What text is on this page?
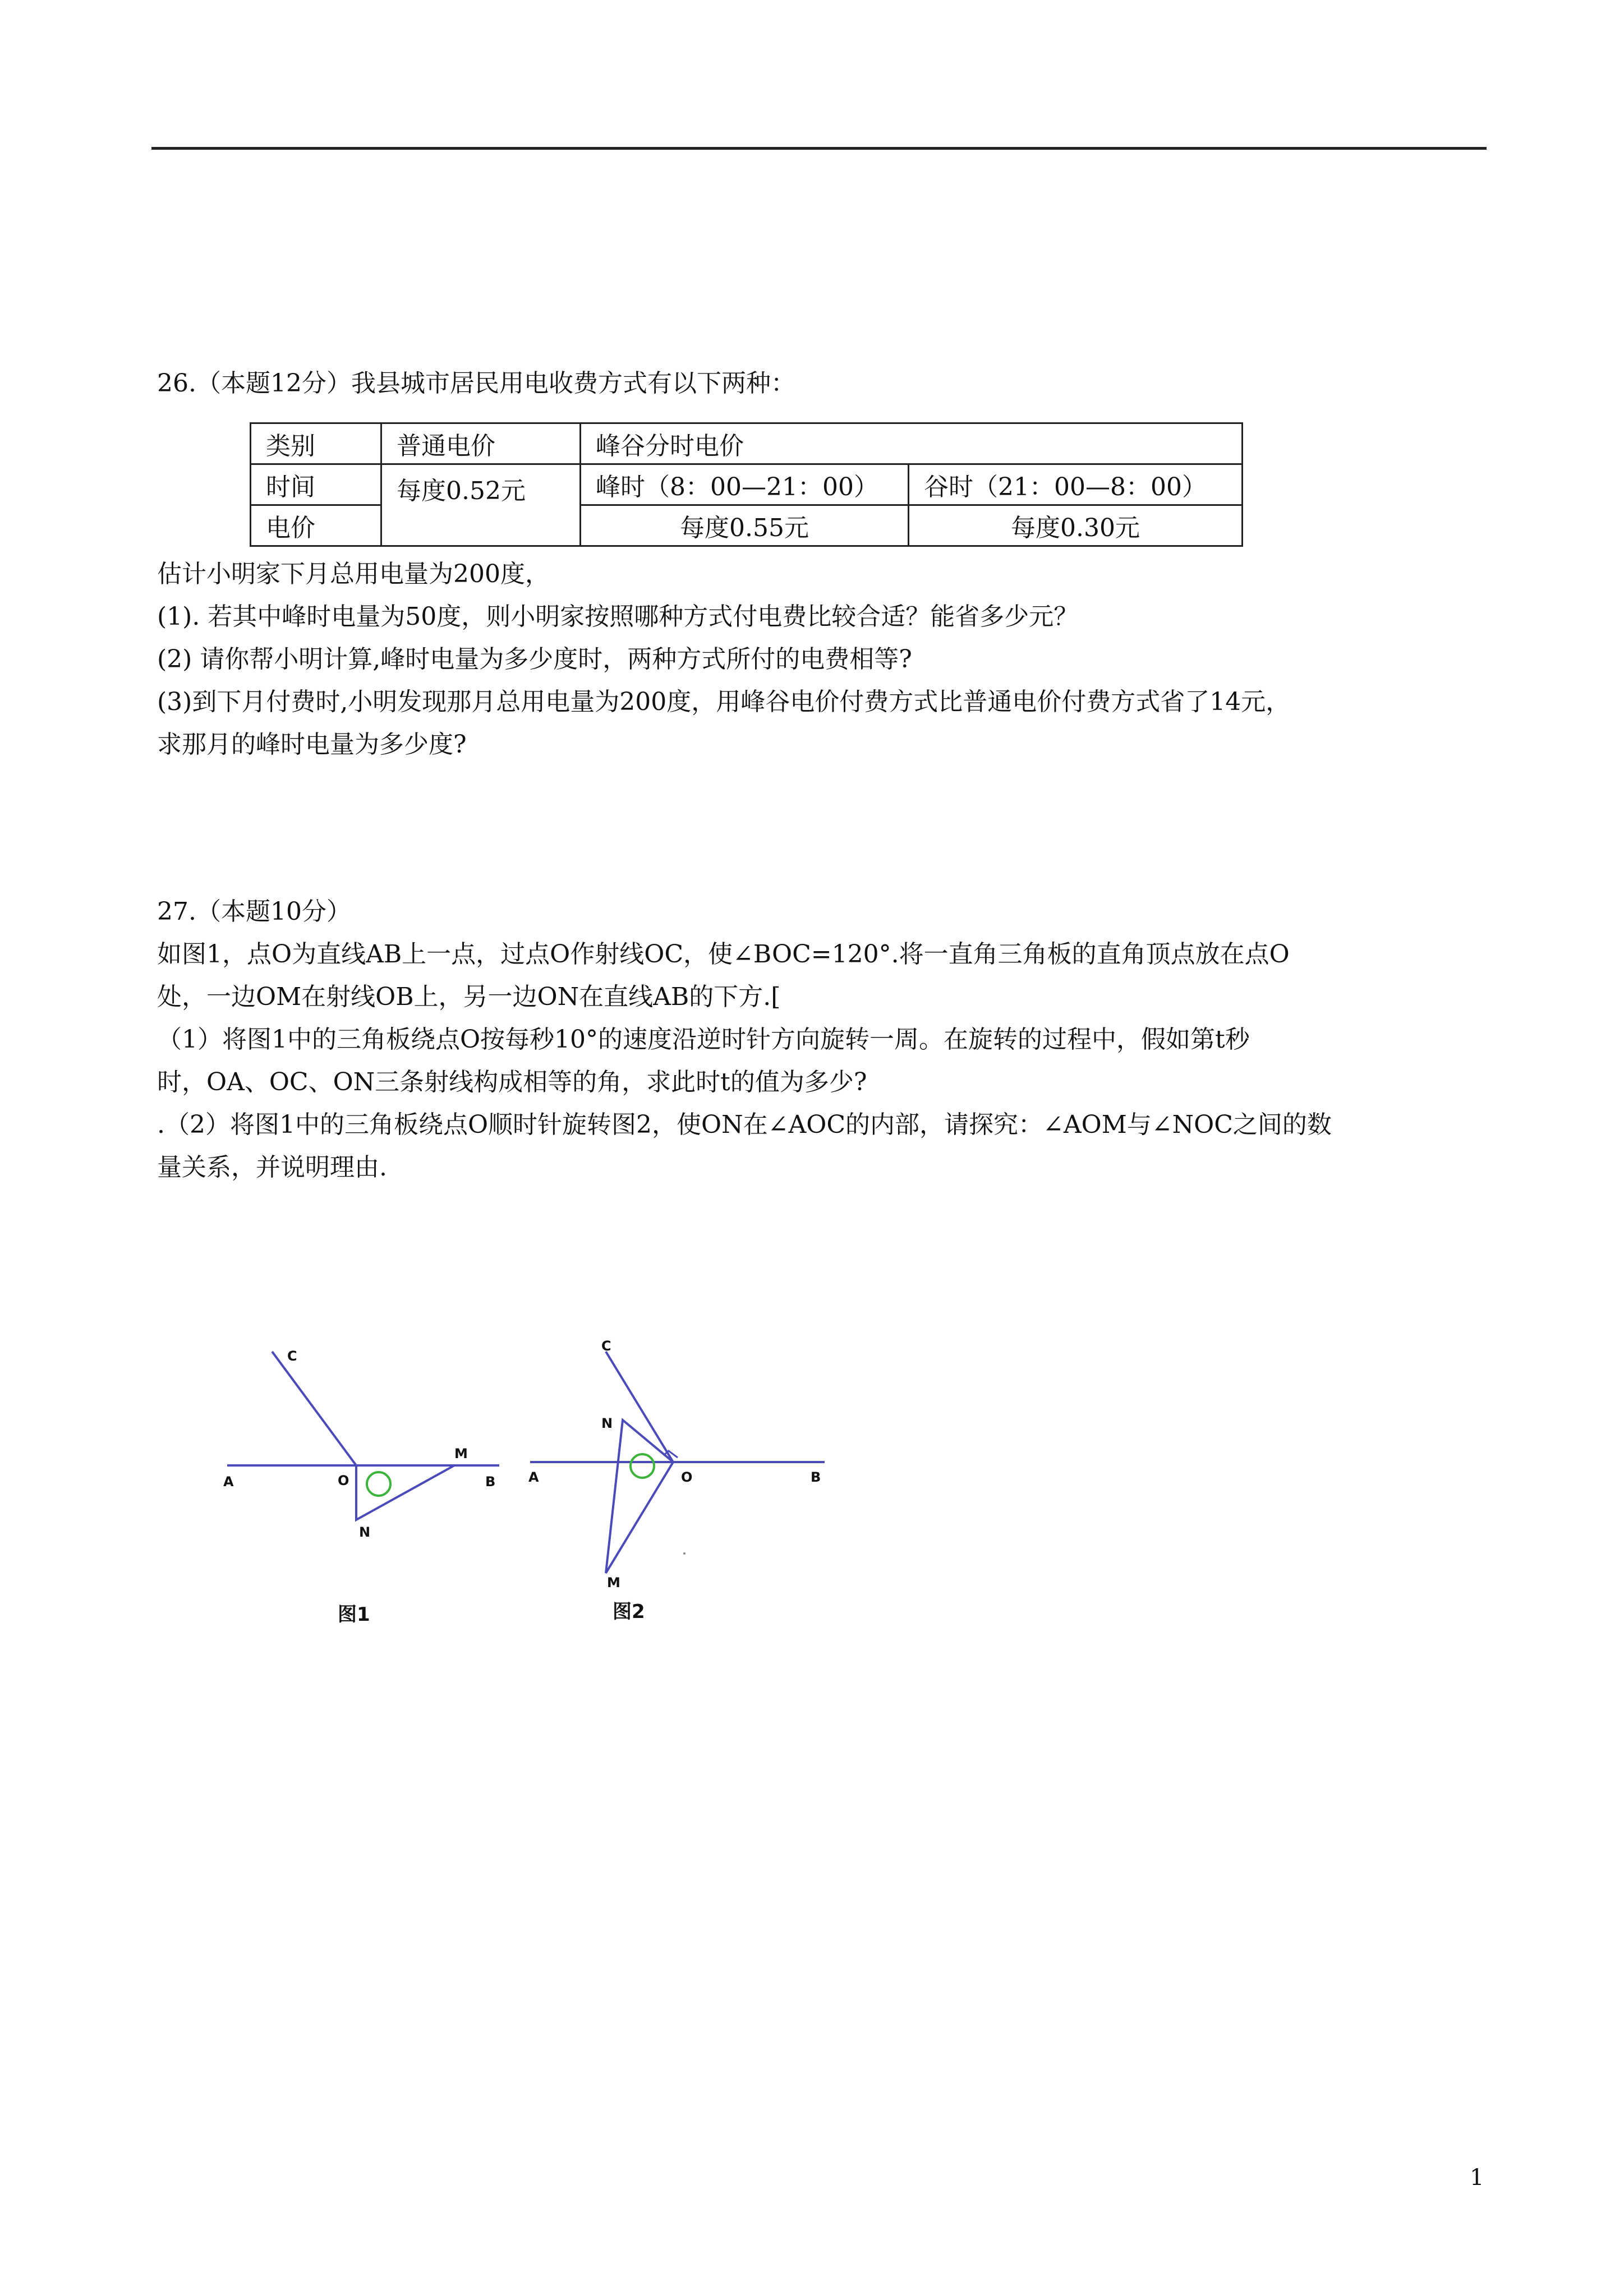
26.（本题12分）我县城市居民用电收费方式有以下两种：

类别	普通电价	峰谷分时电价	
时间	每度0.52元	峰时（8：00—21：00）	谷时（21：00—8：00）
电价		每度0.55元	每度0.30元

估计小明家下月总用电量为200度，

(1). 若其中峰时电量为50度，则小明家按照哪种方式付电费比较合适？能省多少元？

(2) 请你帮小明计算,峰时电量为多少度时，两种方式所付的电费相等?

(3)到下月付费时,小明发现那月总用电量为200度，用峰谷电价付费方式比普通电价付费方式省了14元，

求那月的峰时电量为多少度?

27.（本题10分）

如图1，点O为直线AB上一点，过点O作射线OC，使∠BOC=120°.将一直角三角板的直角顶点放在点O

处，一边OM在射线OB上，另一边ON在直线AB的下方.[

（1）将图1中的三角板绕点O按每秒10°的速度沿逆时针方向旋转一周。在旋转的过程中，假如第t秒

时，OA、OC、ON三条射线构成相等的角，求此时t的值为多少?

.（2）将图1中的三角板绕点O顺时针旋转图2，使ON在∠AOC的内部，请探究：∠AOM与∠NOC之间的数

量关系，并说明理由.

A	B
C
O
M
N
图1
A	B
C
O
M
N
图2
1
